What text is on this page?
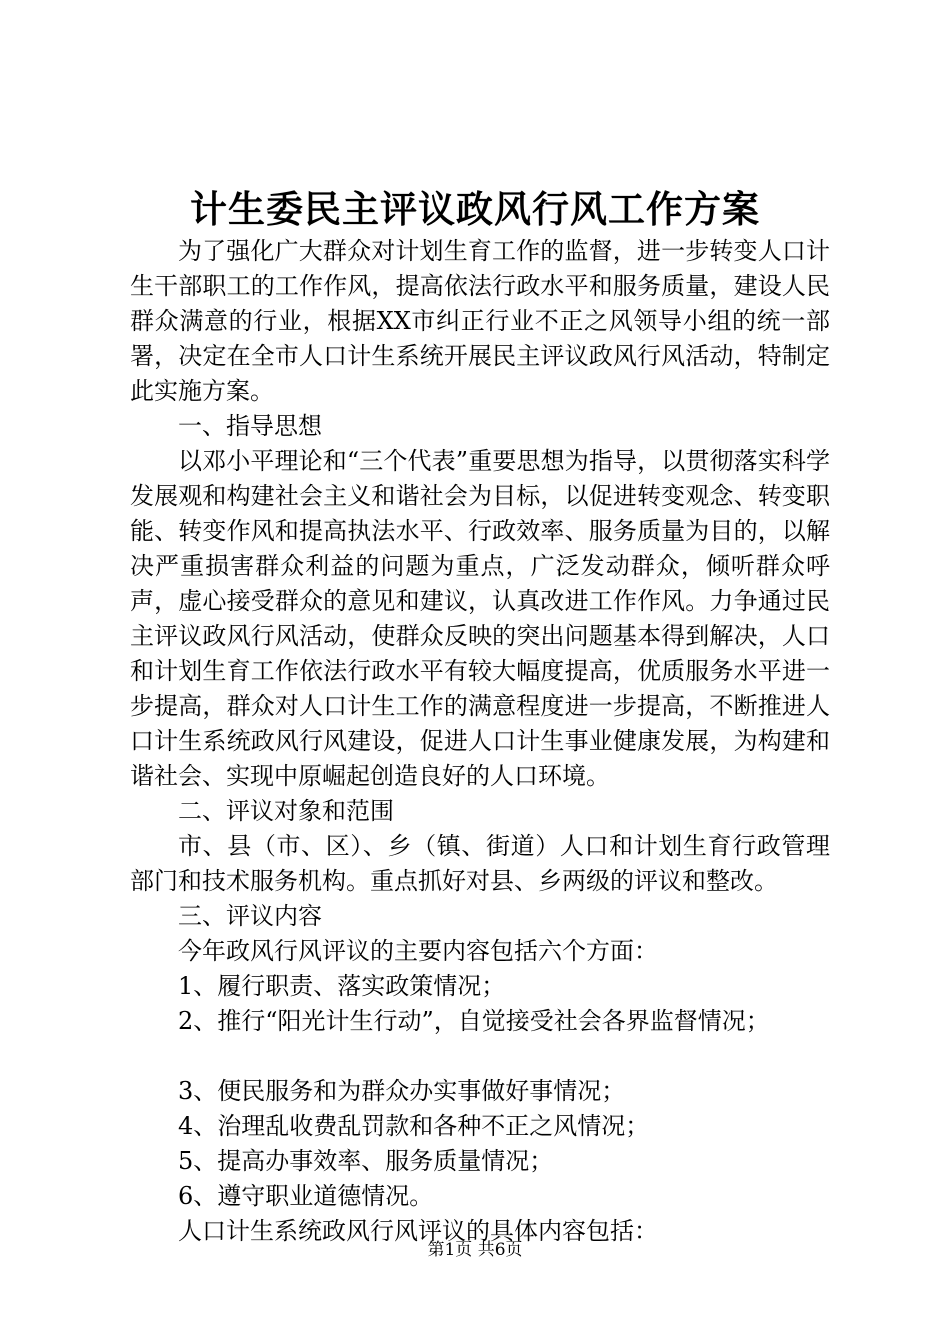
计生委民主评议政风行风工作方案

为了强化广大群众对计划生育工作的监督，进一步转变人口计生干部职工的工作作风，提高依法行政水平和服务质量，建设人民群众满意的行业，根据XX市纠正行业不正之风领导小组的统一部署，决定在全市人口计生系统开展民主评议政风行风活动，特制定此实施方案。

一、指导思想

以邓小平理论和“三个代表”重要思想为指导，以贯彻落实科学发展观和构建社会主义和谐社会为目标，以促进转变观念、转变职能、转变作风和提高执法水平、行政效率、服务质量为目的，以解决严重损害群众利益的问题为重点，广泛发动群众，倾听群众呼声，虚心接受群众的意见和建议，认真改进工作作风。力争通过民主评议政风行风活动，使群众反映的突出问题基本得到解决，人口和计划生育工作依法行政水平有较大幅度提高，优质服务水平进一步提高，群众对人口计生工作的满意程度进一步提高，不断推进人口计生系统政风行风建设，促进人口计生事业健康发展，为构建和谐社会、实现中原崛起创造良好的人口环境。

二、评议对象和范围

市、县（市、区）、乡（镇、街道）人口和计划生育行政管理部门和技术服务机构。重点抓好对县、乡两级的评议和整改。

三、评议内容

今年政风行风评议的主要内容包括六个方面：

1、履行职责、落实政策情况；

2、推行“阳光计生行动”，自觉接受社会各界监督情况；

3、便民服务和为群众办实事做好事情况；

4、治理乱收费乱罚款和各种不正之风情况；

5、提高办事效率、服务质量情况；

6、遵守职业道德情况。

人口计生系统政风行风评议的具体内容包括：

第1页 共6页
